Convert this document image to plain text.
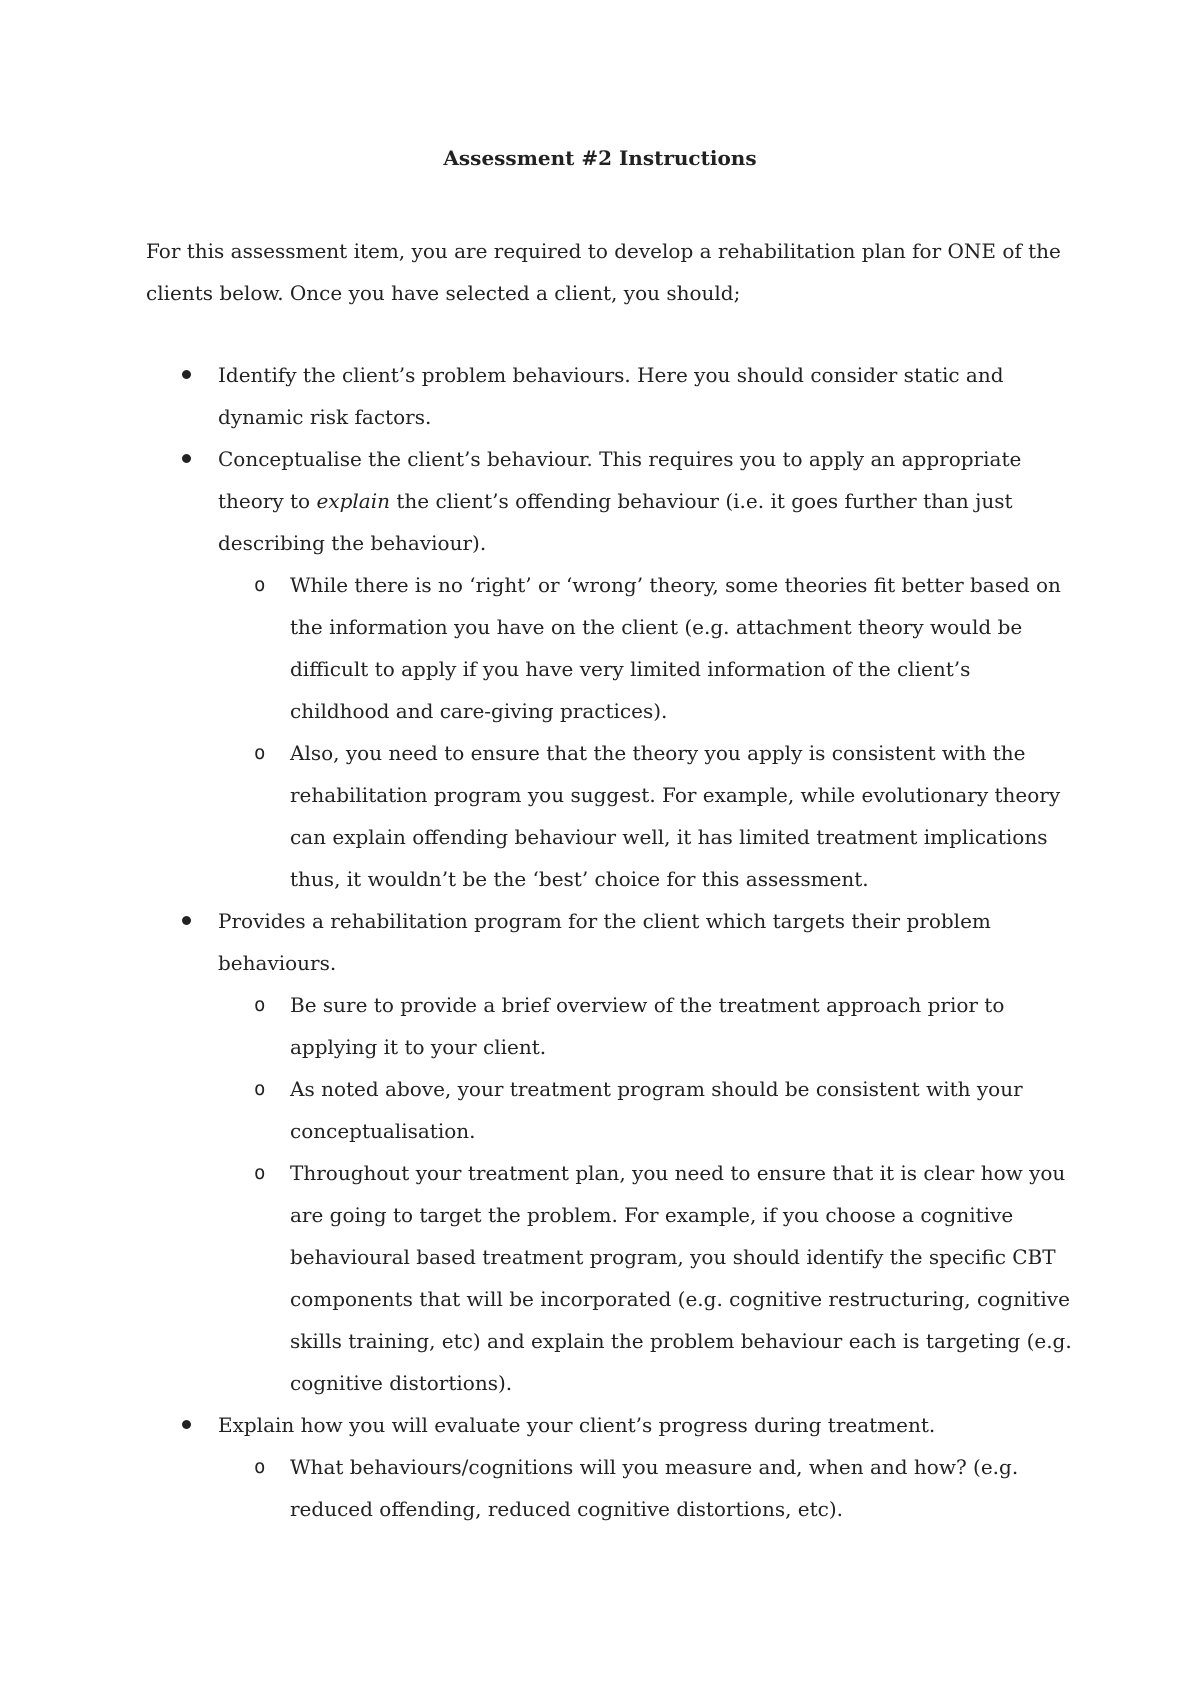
Assessment #2 Instructions

For this assessment item, you are required to develop a rehabilitation plan for ONE of the clients below. Once you have selected a client, you should;

Identify the client’s problem behaviours. Here you should consider static and dynamic risk factors.
Conceptualise the client’s behaviour. This requires you to apply an appropriate theory to explain the client’s offending behaviour (i.e. it goes further than just describing the behaviour).
o While there is no ‘right’ or ‘wrong’ theory, some theories fit better based on the information you have on the client (e.g. attachment theory would be difficult to apply if you have very limited information of the client’s childhood and care-giving practices).
o Also, you need to ensure that the theory you apply is consistent with the rehabilitation program you suggest. For example, while evolutionary theory can explain offending behaviour well, it has limited treatment implications thus, it wouldn’t be the ‘best’ choice for this assessment.
Provides a rehabilitation program for the client which targets their problem behaviours.
o Be sure to provide a brief overview of the treatment approach prior to applying it to your client.
o As noted above, your treatment program should be consistent with your conceptualisation.
o Throughout your treatment plan, you need to ensure that it is clear how you are going to target the problem. For example, if you choose a cognitive behavioural based treatment program, you should identify the specific CBT components that will be incorporated (e.g. cognitive restructuring, cognitive skills training, etc) and explain the problem behaviour each is targeting (e.g. cognitive distortions).
Explain how you will evaluate your client’s progress during treatment.
o What behaviours/cognitions will you measure and, when and how? (e.g. reduced offending, reduced cognitive distortions, etc).
